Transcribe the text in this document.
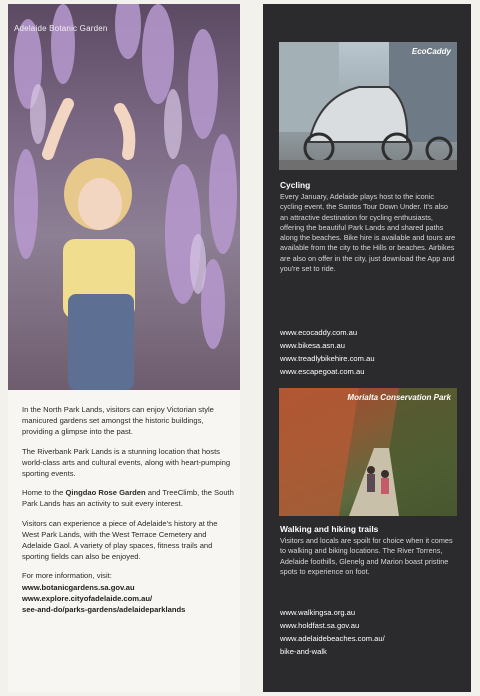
Adelaide Botanic Garden

In the North Park Lands, visitors can enjoy Victorian style manicured gardens set amongst the historic buildings, providing a glimpse into the past.

The Riverbank Park Lands is a stunning location that hosts world-class arts and cultural events, along with heart-pumping sporting events.

Home to the Qingdao Rose Garden and TreeClimb, the South Park Lands has an activity to suit every interest.

Visitors can experience a piece of Adelaide's history at the West Park Lands, with the West Terrace Cemetery and Adelaide Gaol. A variety of play spaces, fitness trails and sporting fields can also be enjoyed.

For more information, visit:
www.botanicgardens.sa.gov.au
www.explore.cityofadelaide.com.au/
see-and-do/parks-gardens/adelaideparklands
EcoCaddy
Cycling
Every January, Adelaide plays host to the iconic cycling event, the Santos Tour Down Under. It's also an attractive destination for cycling enthusiasts, offering the beautiful Park Lands and shared paths along the beaches. Bike hire is available and tours are available from the city to the Hills or beaches. Airbikes are also on offer in the city, just download the App and you're set to ride.
www.ecocaddy.com.au
www.bikesa.asn.au
www.treadlybikehire.com.au
www.escapegoat.com.au
Morialta Conservation Park
Walking and hiking trails
Visitors and locals are spoilt for choice when it comes to walking and biking locations. The River Torrens, Adelaide foothills, Glenelg and Marion boast pristine spots to experience on foot.
www.walkingsa.org.au
www.holdfast.sa.gov.au
www.adelaidebeaches.com.au/
bike-and-walk
